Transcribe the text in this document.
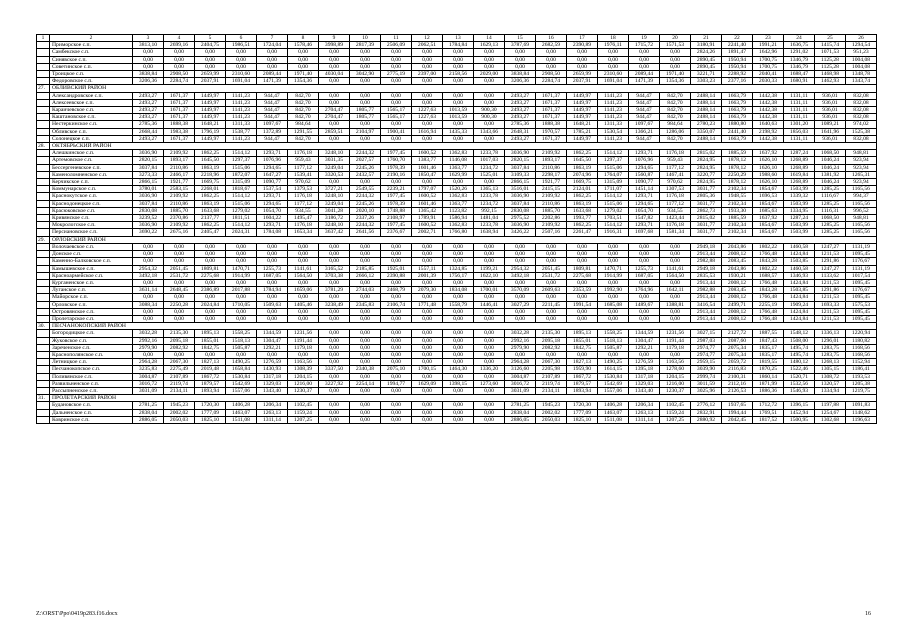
1	2	3	4	5	6	7	8	9	10	11	12	13	14	15	16	17	18	19	20	21	22	23	24	25	26
	Приморское с.п.	3813,10	2699,16	2404,75	1986,51	1724,04	1578,46	3998,89	2817,39	2506,09	2062,51	1784,84	1629,13	3787,69	2682,59	2390,89	1976,11	1715,72	1571,53	3180,91	2241,40	1991,21	1636,75	1415,74	1294,54
	Самбекское с.п.	0,00	0,00	0,00	0,00	0,00	0,00	0,00	0,00	0,00	0,00	0,00	0,00	0,00	0,00	0,00	0,00	0,00	0,00	2824,26	1891,47	1642,96	1291,02	1071,53	951,23
	Синявское с.п.	0,00	0,00	0,00	0,00	0,00	0,00	0,00	0,00	0,00	0,00	0,00	0,00	0,00	0,00	0,00	0,00	0,00	0,00	2890,45	1950,94	1700,75	1346,79	1125,28	1004,08
	Советинское с.п.	0,00	0,00	0,00	0,00	0,00	0,00	0,00	0,00	0,00	0,00	0,00	0,00	0,00	0,00	0,00	0,00	0,00	0,00	2890,45	1950,94	1700,75	1346,79	1125,28	1004,08
	Троицкое с.п.	3838,84	2908,50	2659,99	2310,60	2089,44	1971,40	4030,04	3042,90	2775,19	2397,00	2158,56	2029,00	3838,84	2908,50	2659,99	2310,60	2089,44	1971,40	3221,71	2288,92	2040,41	1688,47	1468,98	1348,78
	Федоровское с.п.	3206,36	2284,74	2037,91	1691,04	1471,39	1354,36	0,00	0,00	0,00	0,00	0,00	0,00	3206,36	2284,74	2037,91	1691,04	1471,39	1354,36	3303,23	2377,16	2030,33	1680,91	1462,93	1343,74
27.	ОБЛИВСКИЙ РАЙОН																								
	Александровское с.п.	2493,27	1671,37	1449,97	1141,23	944,47	842,70	0,00	0,00	0,00	0,00	0,00	0,00	2493,27	1671,37	1449,97	1141,23	944,47	842,70	2488,14	1663,79	1442,38	1131,11	936,01	832,08
	Алексеевское с.п.	2493,27	1671,37	1449,97	1141,23	944,47	842,70	0,00	0,00	0,00	0,00	0,00	0,00	2493,27	1671,37	1449,97	1141,23	944,47	842,70	2488,14	1663,79	1442,38	1131,11	936,01	832,08
	Караичевское с.п.	2493,27	1671,37	1449,97	1141,23	944,47	842,70	2704,47	1805,77	1565,17	1227,63	1013,59	900,30	2493,27	1671,37	1449,97	1141,23	944,47	842,70	2488,14	1663,79	1442,38	1131,11	936,01	832,08
	Каштановское с.п.	2493,27	1671,37	1449,97	1141,23	944,47	842,70	2704,47	1805,77	1565,17	1227,63	1013,59	900,30	2493,27	1671,37	1449,97	1141,23	944,47	842,70	2488,14	1663,79	1442,38	1131,11	936,01	832,08
	Нестеркинское с.п.	2785,36	1888,38	1648,21	1311,33	1097,67	984,64	0,00	0,00	0,00	0,00	0,00	0,00	2785,36	1888,38	1648,21	1311,33	1097,67	984,64	2780,23	1880,80	1640,63	1301,20	1089,21	974,02
	Обливское с.п.	2668,44	1983,38	1796,19	1538,77	1372,89	1291,55	2859,51	2104,97	1900,41	1616,94	1435,33	1343,66	2648,31	1970,57	1785,21	1530,54	1366,21	1286,06	3350,07	2441,40	2198,92	1856,03	1641,96	1525,38
	Солонецкое с.п.	2493,27	1671,37	1449,97	1141,23	944,47	842,70	0,00	0,00	0,00	0,00	0,00	0,00	2493,27	1671,37	1449,97	1141,23	944,47	842,70	2488,14	1663,79	1442,38	1131,11	936,01	832,08
28.	ОКТЯБРЬСКИЙ РАЙОН																								
	Алешкинское с.п.	3036,90	2109,92	1862,25	1514,12	1293,71	1176,18	3248,10	2244,32	1977,45	1600,52	1362,83	1233,78	3036,90	2109,92	1862,25	1514,12	1293,71	1176,18	2815,02	1885,59	1637,92	1287,24	1068,50	948,81
	Артемовское с.п.	2820,15	1893,17	1645,50	1297,37	1076,96	959,43	3031,35	2027,57	1760,70	1383,77	1146,08	1017,03	2820,15	1893,17	1645,50	1297,37	1076,96	959,43	2824,95	1878,12	1626,10	1268,89	1046,24	923,94
	Бессергеневское с.п.	3037,84	2110,86	1863,19	1515,06	1294,65	1177,12	3249,04	2245,26	1978,39	1601,46	1363,77	1234,72	3037,84	2110,86	1863,19	1515,06	1294,65	1177,12	2824,95	1878,12	1626,10	1268,89	1046,24	923,94
	Каменоломненское с.п.	3273,33	2466,17	2218,96	1872,07	1647,27	1539,41	3320,53	2432,57	2190,16	1850,47	1629,99	1525,01	3109,33	2298,17	2074,96	1764,07	1560,87	1467,41	3220,77	2250,29	1988,60	1619,84	1381,92	1265,31
	Керчикское с.п.	2866,15	1921,77	1669,75	1315,09	1090,77	970,62	0,00	0,00	0,00	0,00	0,00	0,00	2866,15	1921,77	1669,75	1315,09	1090,77	970,62	2824,95	1878,12	1626,10	1268,89	1046,24	923,94
	Коммунарское с.п.	3780,01	2583,15	2268,01	1818,67	1537,54	1379,53	3727,21	2549,55	2239,21	1797,07	1520,26	1365,13	3516,01	2415,15	2124,01	1711,07	1451,14	1307,53	3031,77	2102,34	1854,67	1503,99	1285,25	1165,56
	Краснокутское с.п.	3036,90	2109,92	1862,25	1514,12	1293,71	1176,18	3248,10	2244,32	1977,45	1600,52	1362,83	1233,78	3036,90	2109,92	1862,25	1514,12	1293,71	1176,18	2805,36	1948,55	1696,53	1339,32	1116,67	994,37
	Краснодонецкое с.п.	3037,84	2110,86	1863,19	1515,06	1294,65	1177,12	3249,04	2245,26	1978,39	1601,46	1363,77	1234,72	3037,84	2110,86	1863,19	1515,06	1294,65	1177,12	3031,77	2102,34	1854,67	1503,99	1285,25	1165,56
	Красюковское с.п.	2830,08	1885,70	1633,68	1279,02	1054,70	934,55	3041,28	2020,10	1748,88	1365,42	1123,82	992,15	2830,08	1885,70	1633,68	1279,02	1054,70	934,55	2862,73	1933,30	1685,63	1334,95	1116,31	996,52
	Кривянское с.п.	3239,52	2370,86	2137,77	1811,51	1604,22	1495,47	3186,72	2337,26	2108,97	1789,91	1586,94	1481,04	2975,52	2202,86	1993,77	1703,51	1547,82	1423,44	2815,02	1885,59	1637,92	1287,24	1068,50	948,81
	Мокрологское с.п.	3036,90	2109,92	1862,25	1514,12	1293,71	1176,18	3248,10	2244,32	1977,45	1600,52	1362,83	1233,78	3036,90	2109,92	1862,25	1514,12	1293,71	1176,18	3031,77	2102,34	1854,67	1503,99	1285,25	1165,56
	Персиановское с.п.	3690,22	2675,16	2405,47	2024,31	1784,08	1653,34	3637,42	2641,56	2376,67	2002,71	1766,80	1638,94	3426,22	2507,16	2261,47	1916,31	1697,68	1581,34	3031,77	2102,34	1854,67	1503,99	1285,25	1165,56
29.	ОРЛОВСКИЙ РАЙОН																								
	Волочаевское с.п.	0,00	0,00	0,00	0,00	0,00	0,00	0,00	0,00	0,00	0,00	0,00	0,00	0,00	0,00	0,00	0,00	0,00	0,00	2949,18	2043,86	1802,22	1460,58	1247,27	1131,19
	Донское с.п.	0,00	0,00	0,00	0,00	0,00	0,00	0,00	0,00	0,00	0,00	0,00	0,00	0,00	0,00	0,00	0,00	0,00	0,00	2913,44	2008,12	1766,48	1424,84	1211,53	1095,45
	Каменно-Балковское с.п.	0,00	0,00	0,00	0,00	0,00	0,00	0,00	0,00	0,00	0,00	0,00	0,00	0,00	0,00	0,00	0,00	0,00	0,00	2982,88	2083,45	1843,28	1503,85	1291,86	1176,67
	Камышевское с.п.	2954,32	2051,45	1809,81	1470,71	1255,73	1141,61	3165,52	2185,85	1925,01	1557,11	1324,85	1199,21	2954,32	2051,45	1809,81	1470,71	1255,73	1141,61	2949,18	2043,86	1802,22	1460,58	1247,27	1131,19
	Красноармейское с.п.	3492,18	2531,72	2275,68	1914,99	1687,05	1564,50	3703,38	2666,12	2390,88	2001,39	1756,17	1622,10	3492,18	2531,72	2275,68	1914,99	1687,05	1564,50	2835,53	1930,21	1688,57	1346,93	1133,62	1017,54
	Курганенское с.п.	0,00	0,00	0,00	0,00	0,00	0,00	0,00	0,00	0,00	0,00	0,00	0,00	0,00	0,00	0,00	0,00	0,00	0,00	2913,44	2008,12	1766,48	1424,84	1211,53	1095,45
	Луганское с.п.	3631,14	2648,45	2386,89	2017,88	1784,94	1659,06	3781,29	2744,03	2468,79	2079,30	1834,08	1700,01	3570,09	2609,63	2353,59	1992,90	1764,96	1642,11	2982,88	2083,45	1843,28	1503,85	1291,86	1176,67
	Майорское с.п.	0,00	0,00	0,00	0,00	0,00	0,00	0,00	0,00	0,00	0,00	0,00	0,00	0,00	0,00	0,00	0,00	0,00	0,00	2913,44	2008,12	1766,48	1424,84	1211,53	1095,45
	Орловское с.п.	3088,34	2250,28	2024,84	1710,05	1509,63	1405,46	3238,49	2345,83	2106,74	1771,48	1558,79	1446,41	3027,29	2211,45	1991,54	1685,08	1489,67	1388,81	3416,54	2499,71	2255,19	1909,24	1693,33	1575,53
	Островянское с.п.	0,00	0,00	0,00	0,00	0,00	0,00	0,00	0,00	0,00	0,00	0,00	0,00	0,00	0,00	0,00	0,00	0,00	0,00	2913,44	2008,12	1766,48	1424,84	1211,53	1095,45
	Пролетарское с.п.	0,00	0,00	0,00	0,00	0,00	0,00	0,00	0,00	0,00	0,00	0,00	0,00	0,00	0,00	0,00	0,00	0,00	0,00	2913,44	2008,12	1766,48	1424,84	1211,53	1095,45
30.	ПЕСЧАНОКОПСКИЙ РАЙОН																								
	Богородицкое с.п.	3032,28	2135,30	1895,13	1558,25	1344,59	1231,56	0,00	0,00	0,00	0,00	0,00	0,00	3032,28	2135,30	1895,13	1558,25	1344,59	1231,56	3027,15	2127,72	1887,55	1548,12	1336,13	1220,94
	Жуковское с.п.	2992,16	2095,18	1855,01	1518,13	1304,47	1191,44	0,00	0,00	0,00	0,00	0,00	0,00	2992,16	2095,18	1855,01	1518,13	1304,47	1191,44	2987,03	2087,60	1847,43	1508,00	1296,01	1180,82
	Зареченское с.п.	2979,90	2082,92	1842,75	1505,87	1292,21	1179,18	0,00	0,00	0,00	0,00	0,00	0,00	2979,90	2082,92	1842,75	1505,87	1292,21	1179,18	2974,77	2075,34	1835,17	1495,74	1283,75	1168,56
	Краснополянское с.п.	0,00	0,00	0,00	0,00	0,00	0,00	0,00	0,00	0,00	0,00	0,00	0,00	0,00	0,00	0,00	0,00	0,00	0,00	2974,77	2075,34	1835,17	1495,74	1283,75	1168,56
	Летницкое с.п.	2964,28	2067,30	1827,13	1490,25	1276,59	1163,56	0,00	0,00	0,00	0,00	0,00	0,00	2964,28	2067,30	1827,13	1490,25	1276,59	1163,56	2959,15	2059,72	1819,55	1480,12	1268,13	1152,94
	Песчанокопское с.п.	3235,83	2275,49	2019,48	1658,84	1430,93	1308,39	3337,50	2340,38	2075,10	1700,15	1464,30	1336,20	3126,60	2205,98	1959,90	1614,15	1395,18	1278,60	3039,90	2116,83	1870,25	1522,46	1305,15	1186,41
	Поливянское с.п.	3004,87	2107,89	1867,72	1530,84	1317,18	1204,15	0,00	0,00	0,00	0,00	0,00	0,00	3004,87	2107,89	1867,72	1530,84	1317,18	1204,15	2999,74	2100,31	1860,14	1520,71	1308,72	1193,53
	Развильненское с.п.	3016,72	2119,74	1879,57	1542,69	1329,03	1216,00	3227,92	2254,14	1994,77	1629,09	1398,15	1273,60	3016,72	2119,74	1879,57	1542,69	1329,03	1216,00	3011,59	2112,16	1871,99	1532,56	1320,57	1205,38
	Рассыпненское с.п.	3031,09	2134,11	1893,94	1557,06	1343,40	1230,37	0,00	0,00	0,00	0,00	0,00	0,00	3031,09	2134,11	1893,94	1557,06	1343,40	1230,37	3025,96	2126,53	1886,36	1546,93	1334,94	1219,75
31.	ПРОЛЕТАРСКИЙ РАЙОН																								
	Будановское с.п.	2781,25	1945,23	1720,30	1406,28	1206,34	1102,45	0,00	0,00	0,00	0,00	0,00	0,00	2781,25	1945,23	1720,30	1406,28	1206,34	1102,45	2776,12	1937,65	1712,72	1396,15	1197,88	1091,83
	Дальненское с.п.	2838,04	2002,02	1777,09	1463,07	1263,13	1159,24	0,00	0,00	0,00	0,00	0,00	0,00	2838,04	2002,02	1777,09	1463,07	1263,13	1159,24	2832,91	1994,44	1769,51	1452,94	1254,67	1148,62
	Ковринское с.п.	2886,05	2050,03	1825,10	1511,08	1311,14	1207,25	0,00	0,00	0,00	0,00	0,00	0,00	2886,05	2050,03	1825,10	1511,08	1311,14	1207,25	2880,92	2042,45	1817,52	1500,95	1302,68	1196,63
Z:\ORST\Ppo\0419p283.f16.docx	16
